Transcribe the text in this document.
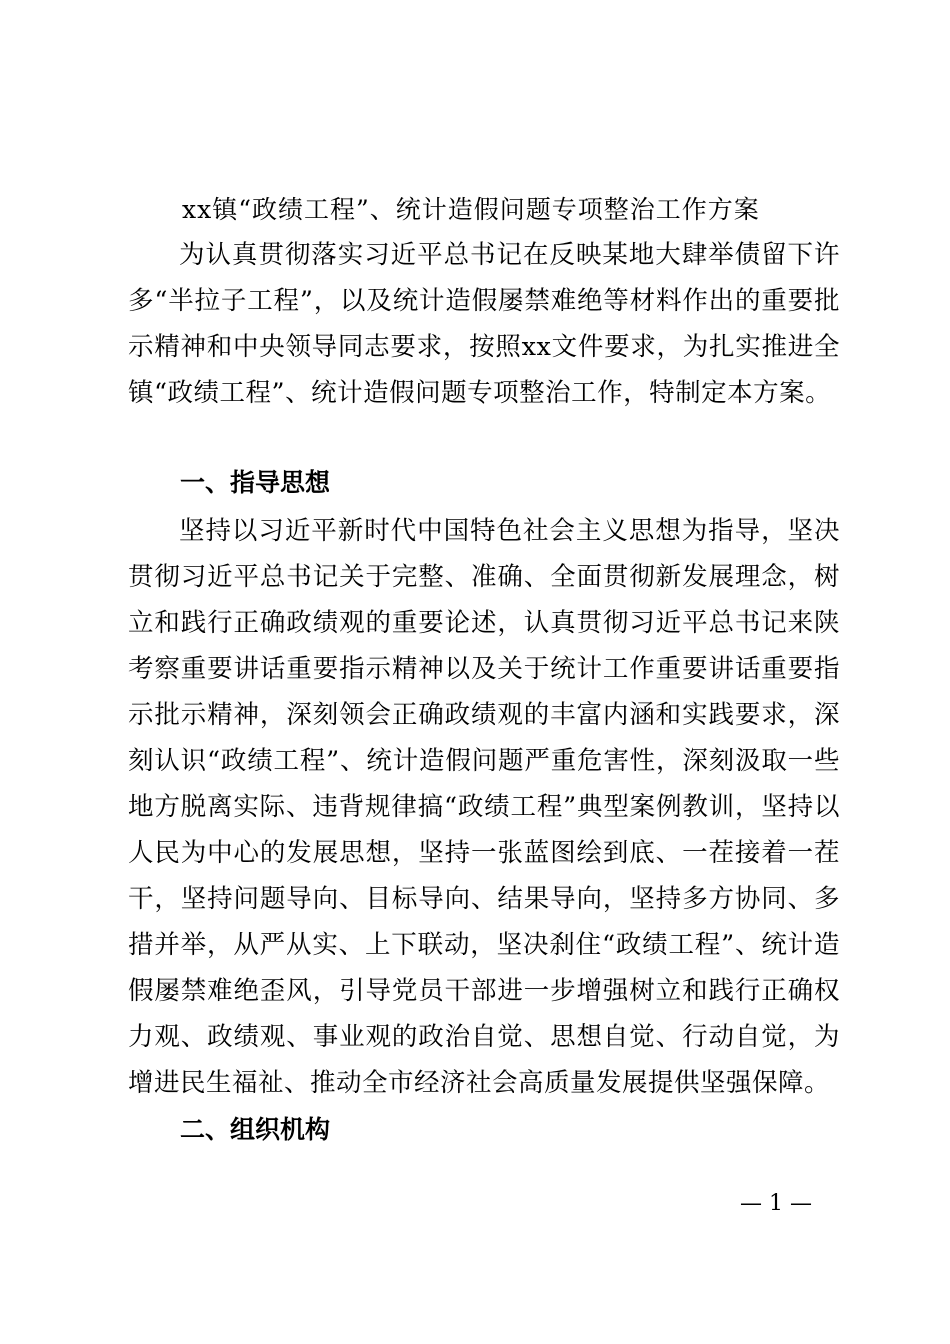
xx镇“政绩工程”、统计造假问题专项整治工作方案

为认真贯彻落实习近平总书记在反映某地大肆举债留下许多“半拉子工程”，以及统计造假屡禁难绝等材料作出的重要批示精神和中央领导同志要求，按照xx文件要求，为扎实推进全镇“政绩工程”、统计造假问题专项整治工作，特制定本方案。

一、指导思想

坚持以习近平新时代中国特色社会主义思想为指导，坚决贯彻习近平总书记关于完整、准确、全面贯彻新发展理念，树立和践行正确政绩观的重要论述，认真贯彻习近平总书记来陕考察重要讲话重要指示精神以及关于统计工作重要讲话重要指示批示精神，深刻领会正确政绩观的丰富内涵和实践要求，深刻认识“政绩工程”、统计造假问题严重危害性，深刻汲取一些地方脱离实际、违背规律搞“政绩工程”典型案例教训，坚持以人民为中心的发展思想，坚持一张蓝图绘到底、一茬接着一茬干，坚持问题导向、目标导向、结果导向，坚持多方协同、多措并举，从严从实、上下联动，坚决刹住“政绩工程”、统计造假屡禁难绝歪风，引导党员干部进一步增强树立和践行正确权力观、政绩观、事业观的政治自觉、思想自觉、行动自觉，为增进民生福祉、推动全市经济社会高质量发展提供坚强保障。

二、组织机构
— 1 —
